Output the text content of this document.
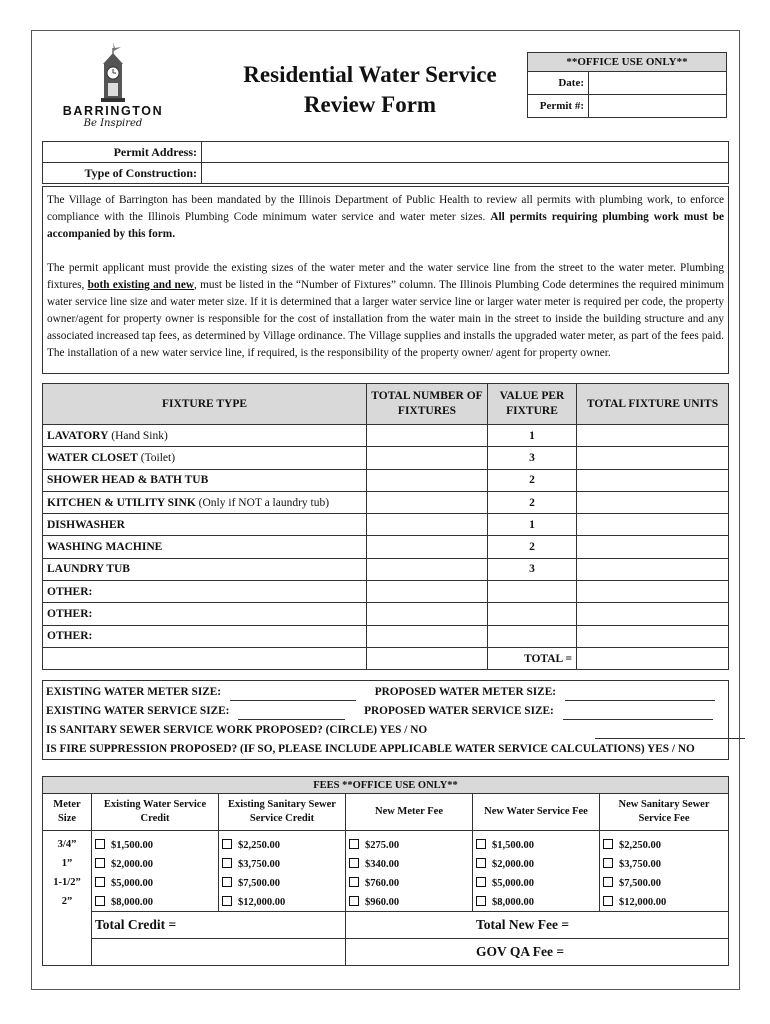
BARRINGTON
Be Inspired
Residential Water Service
Review Form
**OFFICE USE ONLY**	
Date:	
Permit #:	
Permit Address:	
Type of Construction:	

The Village of Barrington has been mandated by the Illinois Department of Public Health to review all permits with plumbing work, to enforce compliance with the Illinois Plumbing Code minimum water service and water meter sizes. All permits requiring plumbing work must be accompanied by this form.

The permit applicant must provide the existing sizes of the water meter and the water service line from the street to the water meter. Plumbing fixtures, both existing and new, must be listed in the “Number of Fixtures” column. The Illinois Plumbing Code determines the required minimum water service line size and water meter size. If it is determined that a larger water service line or larger water meter is required per code, the property owner/agent for property owner is responsible for the cost of installation from the water main in the street to inside the building structure and any associated increased tap fees, as determined by Village ordinance. The Village supplies and installs the upgraded water meter, as part of the fees paid. The installation of a new water service line, if required, is the responsibility of the property owner/ agent for property owner.

FIXTURE TYPE	TOTAL NUMBER OF FIXTURES	VALUE PER FIXTURE	TOTAL FIXTURE UNITS
LAVATORY (Hand Sink)		1	
WATER CLOSET (Toilet)		3	
SHOWER HEAD & BATH TUB		2	
KITCHEN & UTILITY SINK (Only if NOT a laundry tub)		2	
DISHWASHER		1	
WASHING MACHINE		2	
LAUNDRY TUB		3	
OTHER:			
OTHER:			
OTHER:			
		TOTAL =	
EXISTING WATER METER SIZE:	PROPOSED WATER METER SIZE:
EXISTING WATER SERVICE SIZE:	PROPOSED WATER SERVICE SIZE:
IS SANITARY SEWER SERVICE WORK PROPOSED? (CIRCLE) YES / NO
IS FIRE SUPPRESSION PROPOSED? (IF SO, PLEASE INCLUDE APPLICABLE WATER SERVICE CALCULATIONS) YES / NO
FEES **OFFICE USE ONLY**					
Meter Size	Existing Water Service Credit	Existing Sanitary Sewer Service Credit	New Meter Fee	New Water Service Fee	New Sanitary Sewer Service Fee
3/4”	$1,500.00	$2,250.00	$275.00	$1,500.00	$2,250.00
1”	$2,000.00	$3,750.00	$340.00	$2,000.00	$3,750.00
1-1/2”	$5,000.00	$7,500.00	$760.00	$5,000.00	$7,500.00
2”	$8,000.00	$12,000.00	$960.00	$8,000.00	$12,000.00
	Total Credit =		Total New Fee =		
			GOV QA Fee =		
